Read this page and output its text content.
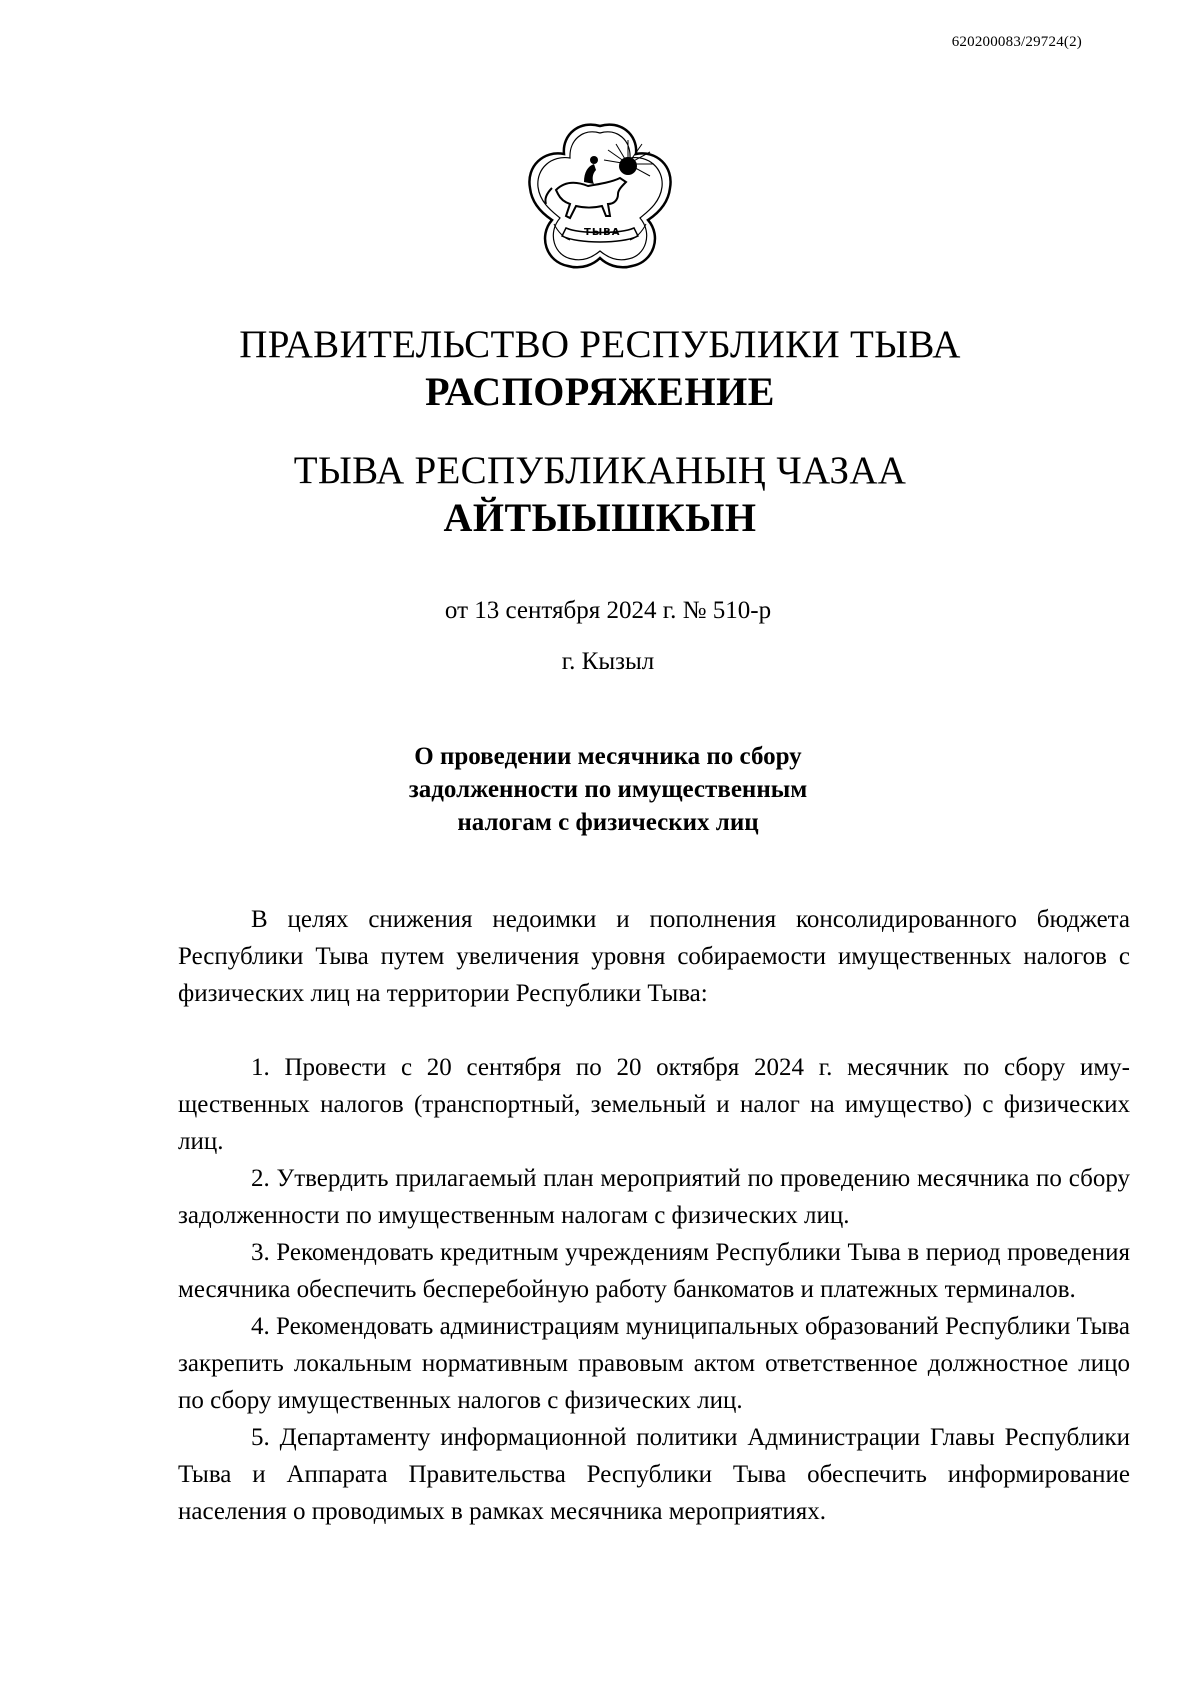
620200083/29724(2)
ТЫВА
ПРАВИТЕЛЬСТВО РЕСПУБЛИКИ ТЫВА
РАСПОРЯЖЕНИЕ
ТЫВА РЕСПУБЛИКАНЫҢ ЧАЗАА
АЙТЫЫШКЫН
от 13 сентября 2024 г. № 510-р
г. Кызыл
О проведении месячника по сбору
задолженности по имущественным
налогам с физических лиц

В целях снижения недоимки и пополнения консолидированного бюджета Республики Тыва путем увеличения уровня собираемости имущественных налогов с физических лиц на территории Республики Тыва:

1. Провести с 20 сентября по 20 октября 2024 г. месячник по сбору имущественных налогов (транспортный, земельный и налог на имущество) с физических лиц.

2. Утвердить прилагаемый план мероприятий по проведению месячника по сбору задолженности по имущественным налогам с физических лиц.

3. Рекомендовать кредитным учреждениям Республики Тыва в период проведения месячника обеспечить бесперебойную работу банкоматов и платежных терминалов.

4. Рекомендовать администрациям муниципальных образований Республики Тыва закрепить локальным нормативным правовым актом ответственное должностное лицо по сбору имущественных налогов с физических лиц.

5. Департаменту информационной политики Администрации Главы Республики Тыва и Аппарата Правительства Республики Тыва обеспечить информирование населения о проводимых в рамках месячника мероприятиях.
